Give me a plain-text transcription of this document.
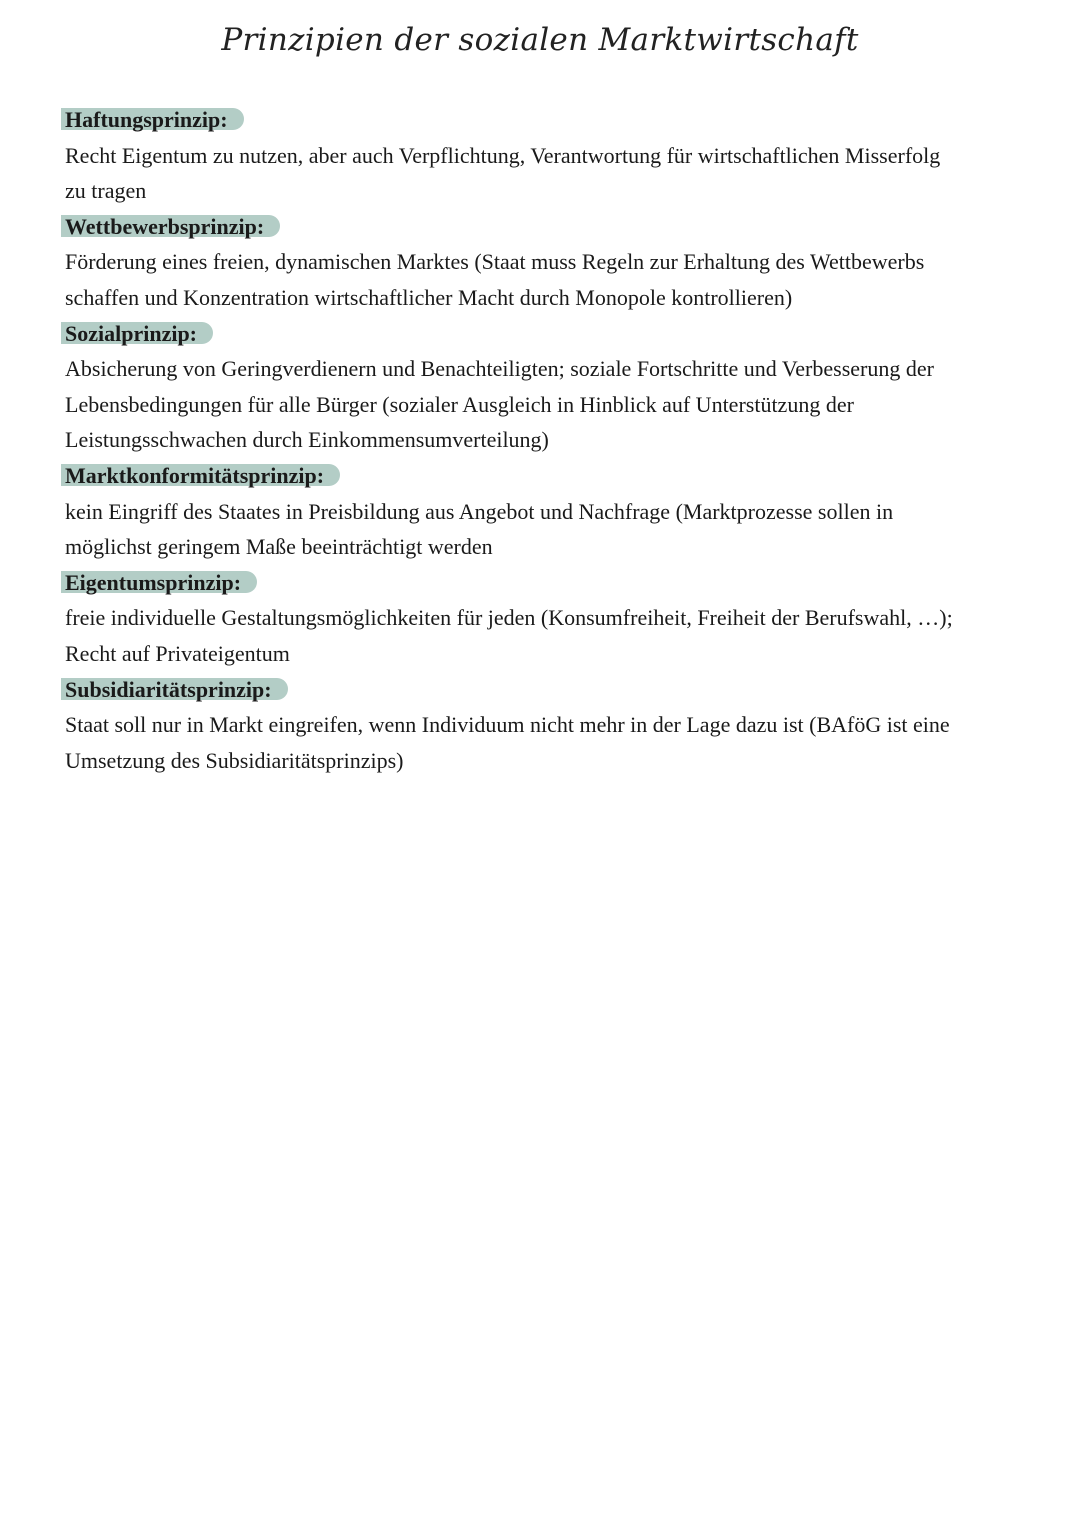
Prinzipien der sozialen Marktwirtschaft
Haftungsprinzip:
Recht Eigentum zu nutzen, aber auch Verpflichtung, Verantwortung für wirtschaftlichen Misserfolg
zu tragen
Wettbewerbsprinzip:
Förderung eines freien, dynamischen Marktes (Staat muss Regeln zur Erhaltung des Wettbewerbs
schaffen und Konzentration wirtschaftlicher Macht durch Monopole kontrollieren)
Sozialprinzip:
Absicherung von Geringverdienern und Benachteiligten; soziale Fortschritte und Verbesserung der
Lebensbedingungen für alle Bürger (sozialer Ausgleich in Hinblick auf Unterstützung der
Leistungsschwachen durch Einkommensumverteilung)
Marktkonformitätsprinzip:
kein Eingriff des Staates in Preisbildung aus Angebot und Nachfrage (Marktprozesse sollen in
möglichst geringem Maße beeinträchtigt werden
Eigentumsprinzip:
freie individuelle Gestaltungsmöglichkeiten für jeden (Konsumfreiheit, Freiheit der Berufswahl, …);
Recht auf Privateigentum
Subsidiaritätsprinzip:
Staat soll nur in Markt eingreifen, wenn Individuum nicht mehr in der Lage dazu ist (BAföG ist eine
Umsetzung des Subsidiaritätsprinzips)
